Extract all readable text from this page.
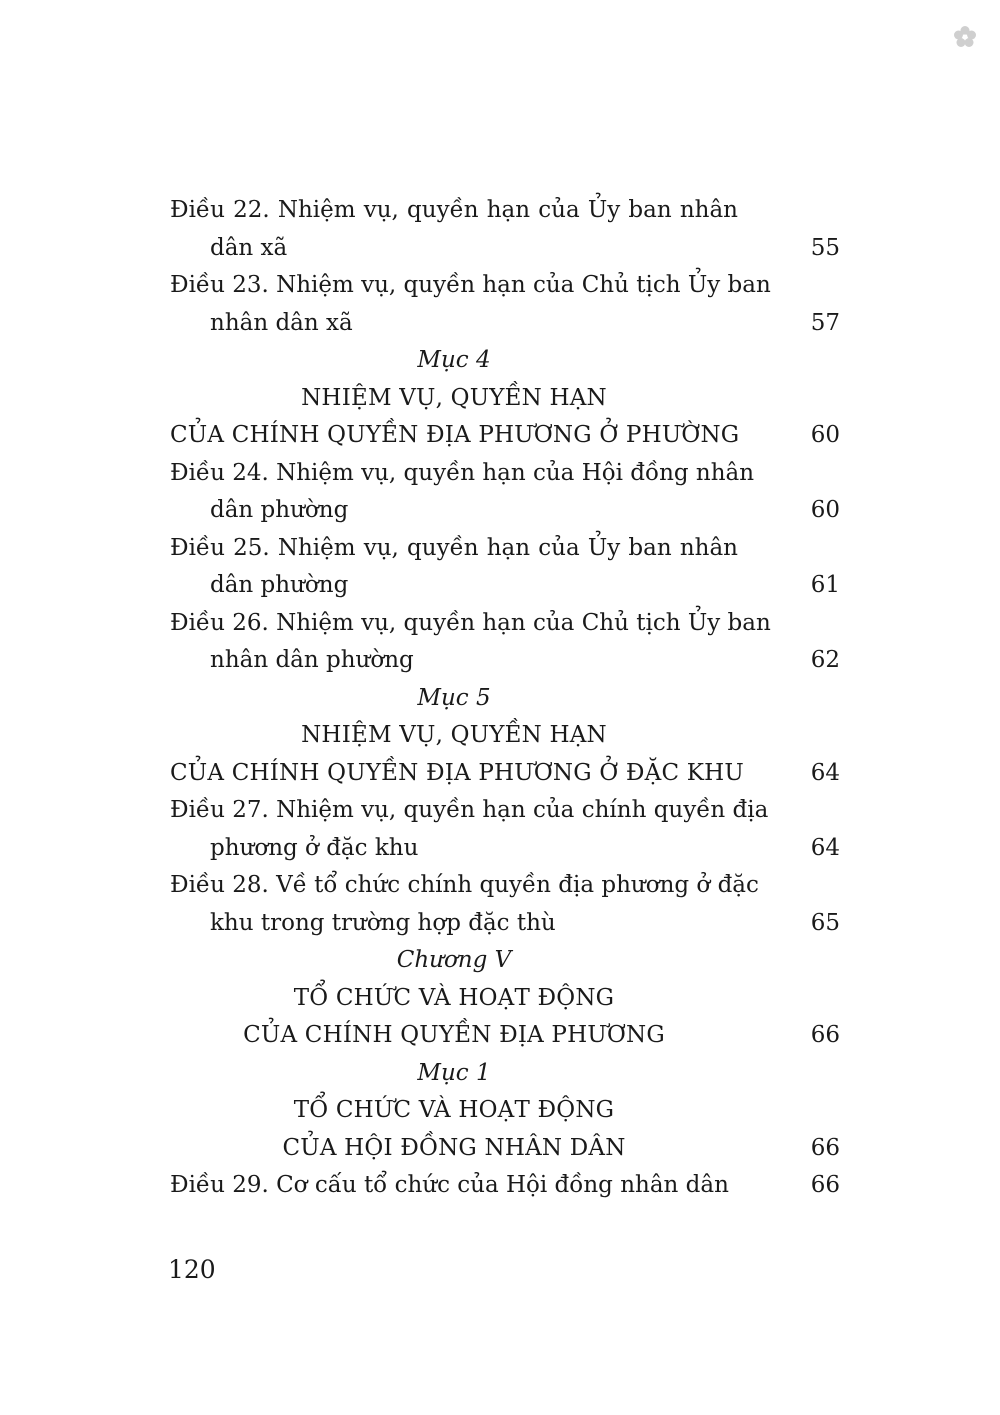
Điều 22. Nhiệm vụ, quyền hạn của Ủy ban nhân
dân xã	55
Điều 23. Nhiệm vụ, quyền hạn của Chủ tịch Ủy ban
nhân dân xã	57
Mục 4
NHIỆM VỤ, QUYỀN HẠN
CỦA CHÍNH QUYỀN ĐỊA PHƯƠNG Ở PHƯỜNG	60
Điều 24. Nhiệm vụ, quyền hạn của Hội đồng nhân
dân phường	60
Điều 25. Nhiệm vụ, quyền hạn của Ủy ban nhân
dân phường	61
Điều 26. Nhiệm vụ, quyền hạn của Chủ tịch Ủy ban
nhân dân phường	62
Mục 5
NHIỆM VỤ, QUYỀN HẠN
CỦA CHÍNH QUYỀN ĐỊA PHƯƠNG Ở ĐẶC KHU	64
Điều 27. Nhiệm vụ, quyền hạn của chính quyền địa
phương ở đặc khu	64
Điều 28. Về tổ chức chính quyền địa phương ở đặc
khu trong trường hợp đặc thù	65
Chương V
TỔ CHỨC VÀ HOẠT ĐỘNG
CỦA CHÍNH QUYỀN ĐỊA PHƯƠNG	66
Mục 1
TỔ CHỨC VÀ HOẠT ĐỘNG
CỦA HỘI ĐỒNG NHÂN DÂN	66
Điều 29. Cơ cấu tổ chức của Hội đồng nhân dân	66
120
